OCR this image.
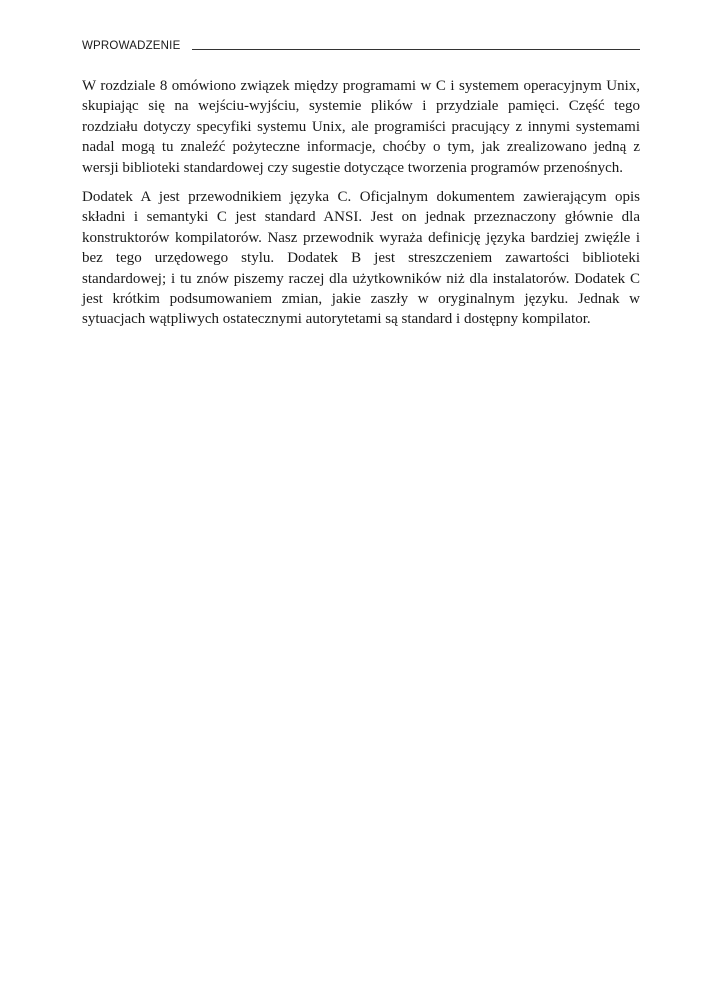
WPROWADZENIE

W rozdziale 8 omówiono związek między programami w C i systemem operacyjnym Unix, skupiając się na wejściu-wyjściu, systemie plików i przydziale pamięci. Część tego rozdziału dotyczy specyfiki systemu Unix, ale programiści pracujący z innymi systemami nadal mogą tu znaleźć pożyteczne informacje, choćby o tym, jak zrealizowano jedną z wersji biblioteki standardowej czy sugestie dotyczące tworzenia programów przenośnych.

Dodatek A jest przewodnikiem języka C. Oficjalnym dokumentem zawierającym opis składni i semantyki C jest standard ANSI. Jest on jednak przeznaczony głównie dla konstruktorów kompilatorów. Nasz przewodnik wyraża definicję języka bardziej zwięźle i bez tego urzędowego stylu. Dodatek B jest streszczeniem zawartości biblioteki standardowej; i tu znów piszemy raczej dla użytkowników niż dla instalatorów. Dodatek C jest krótkim podsumowaniem zmian, jakie zaszły w oryginalnym języku. Jednak w sytuacjach wątpliwych ostatecznymi autorytetami są standard i dostępny kompilator.
